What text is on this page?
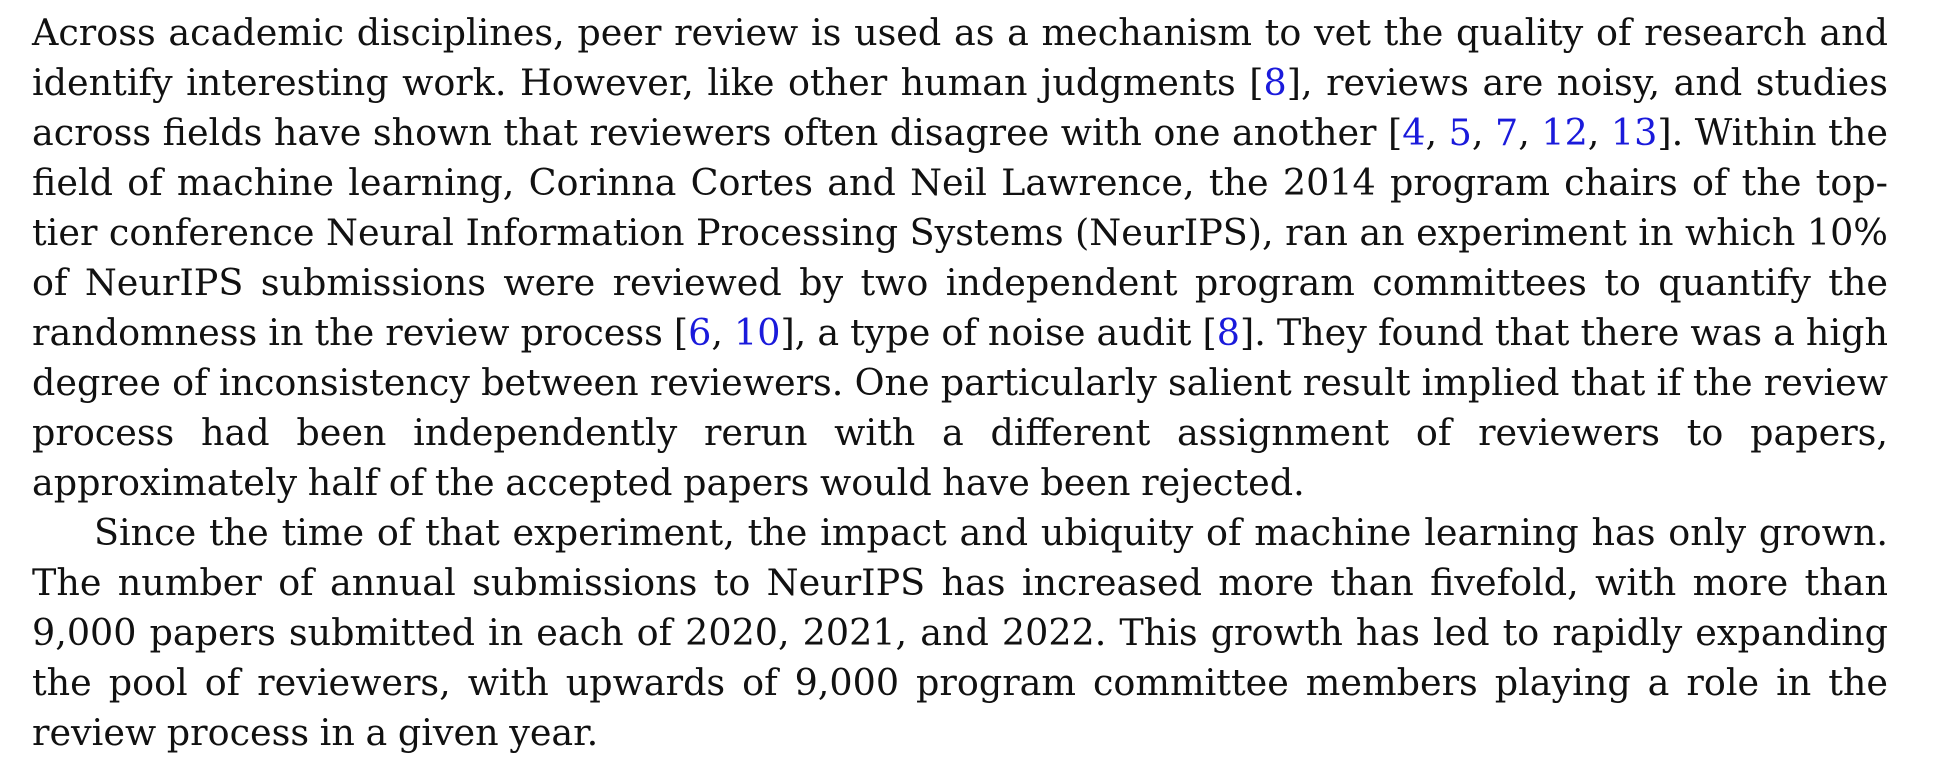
Across academic disciplines, peer review is used as a mechanism to vet the quality of research and identify interesting work. However, like other human judgments [8], reviews are noisy, and studies across fields have shown that reviewers often disagree with one another [4, 5, 7, 12, 13]. Within the field of machine learning, Corinna Cortes and Neil Lawrence, the 2014 program chairs of the top-tier conference Neural Information Processing Systems (NeurIPS), ran an experiment in which 10% of NeurIPS submissions were reviewed by two independent program committees to quantify the randomness in the review process [6, 10], a type of noise audit [8]. They found that there was a high degree of inconsistency between reviewers. One particularly salient result implied that if the review process had been independently rerun with a different assignment of reviewers to papers, approximately half of the accepted papers would have been rejected.

Since the time of that experiment, the impact and ubiquity of machine learning has only grown. The number of annual submissions to NeurIPS has increased more than fivefold, with more than 9,000 papers submitted in each of 2020, 2021, and 2022. This growth has led to rapidly expanding the pool of reviewers, with upwards of 9,000 program committee members playing a role in the review process in a given year.
